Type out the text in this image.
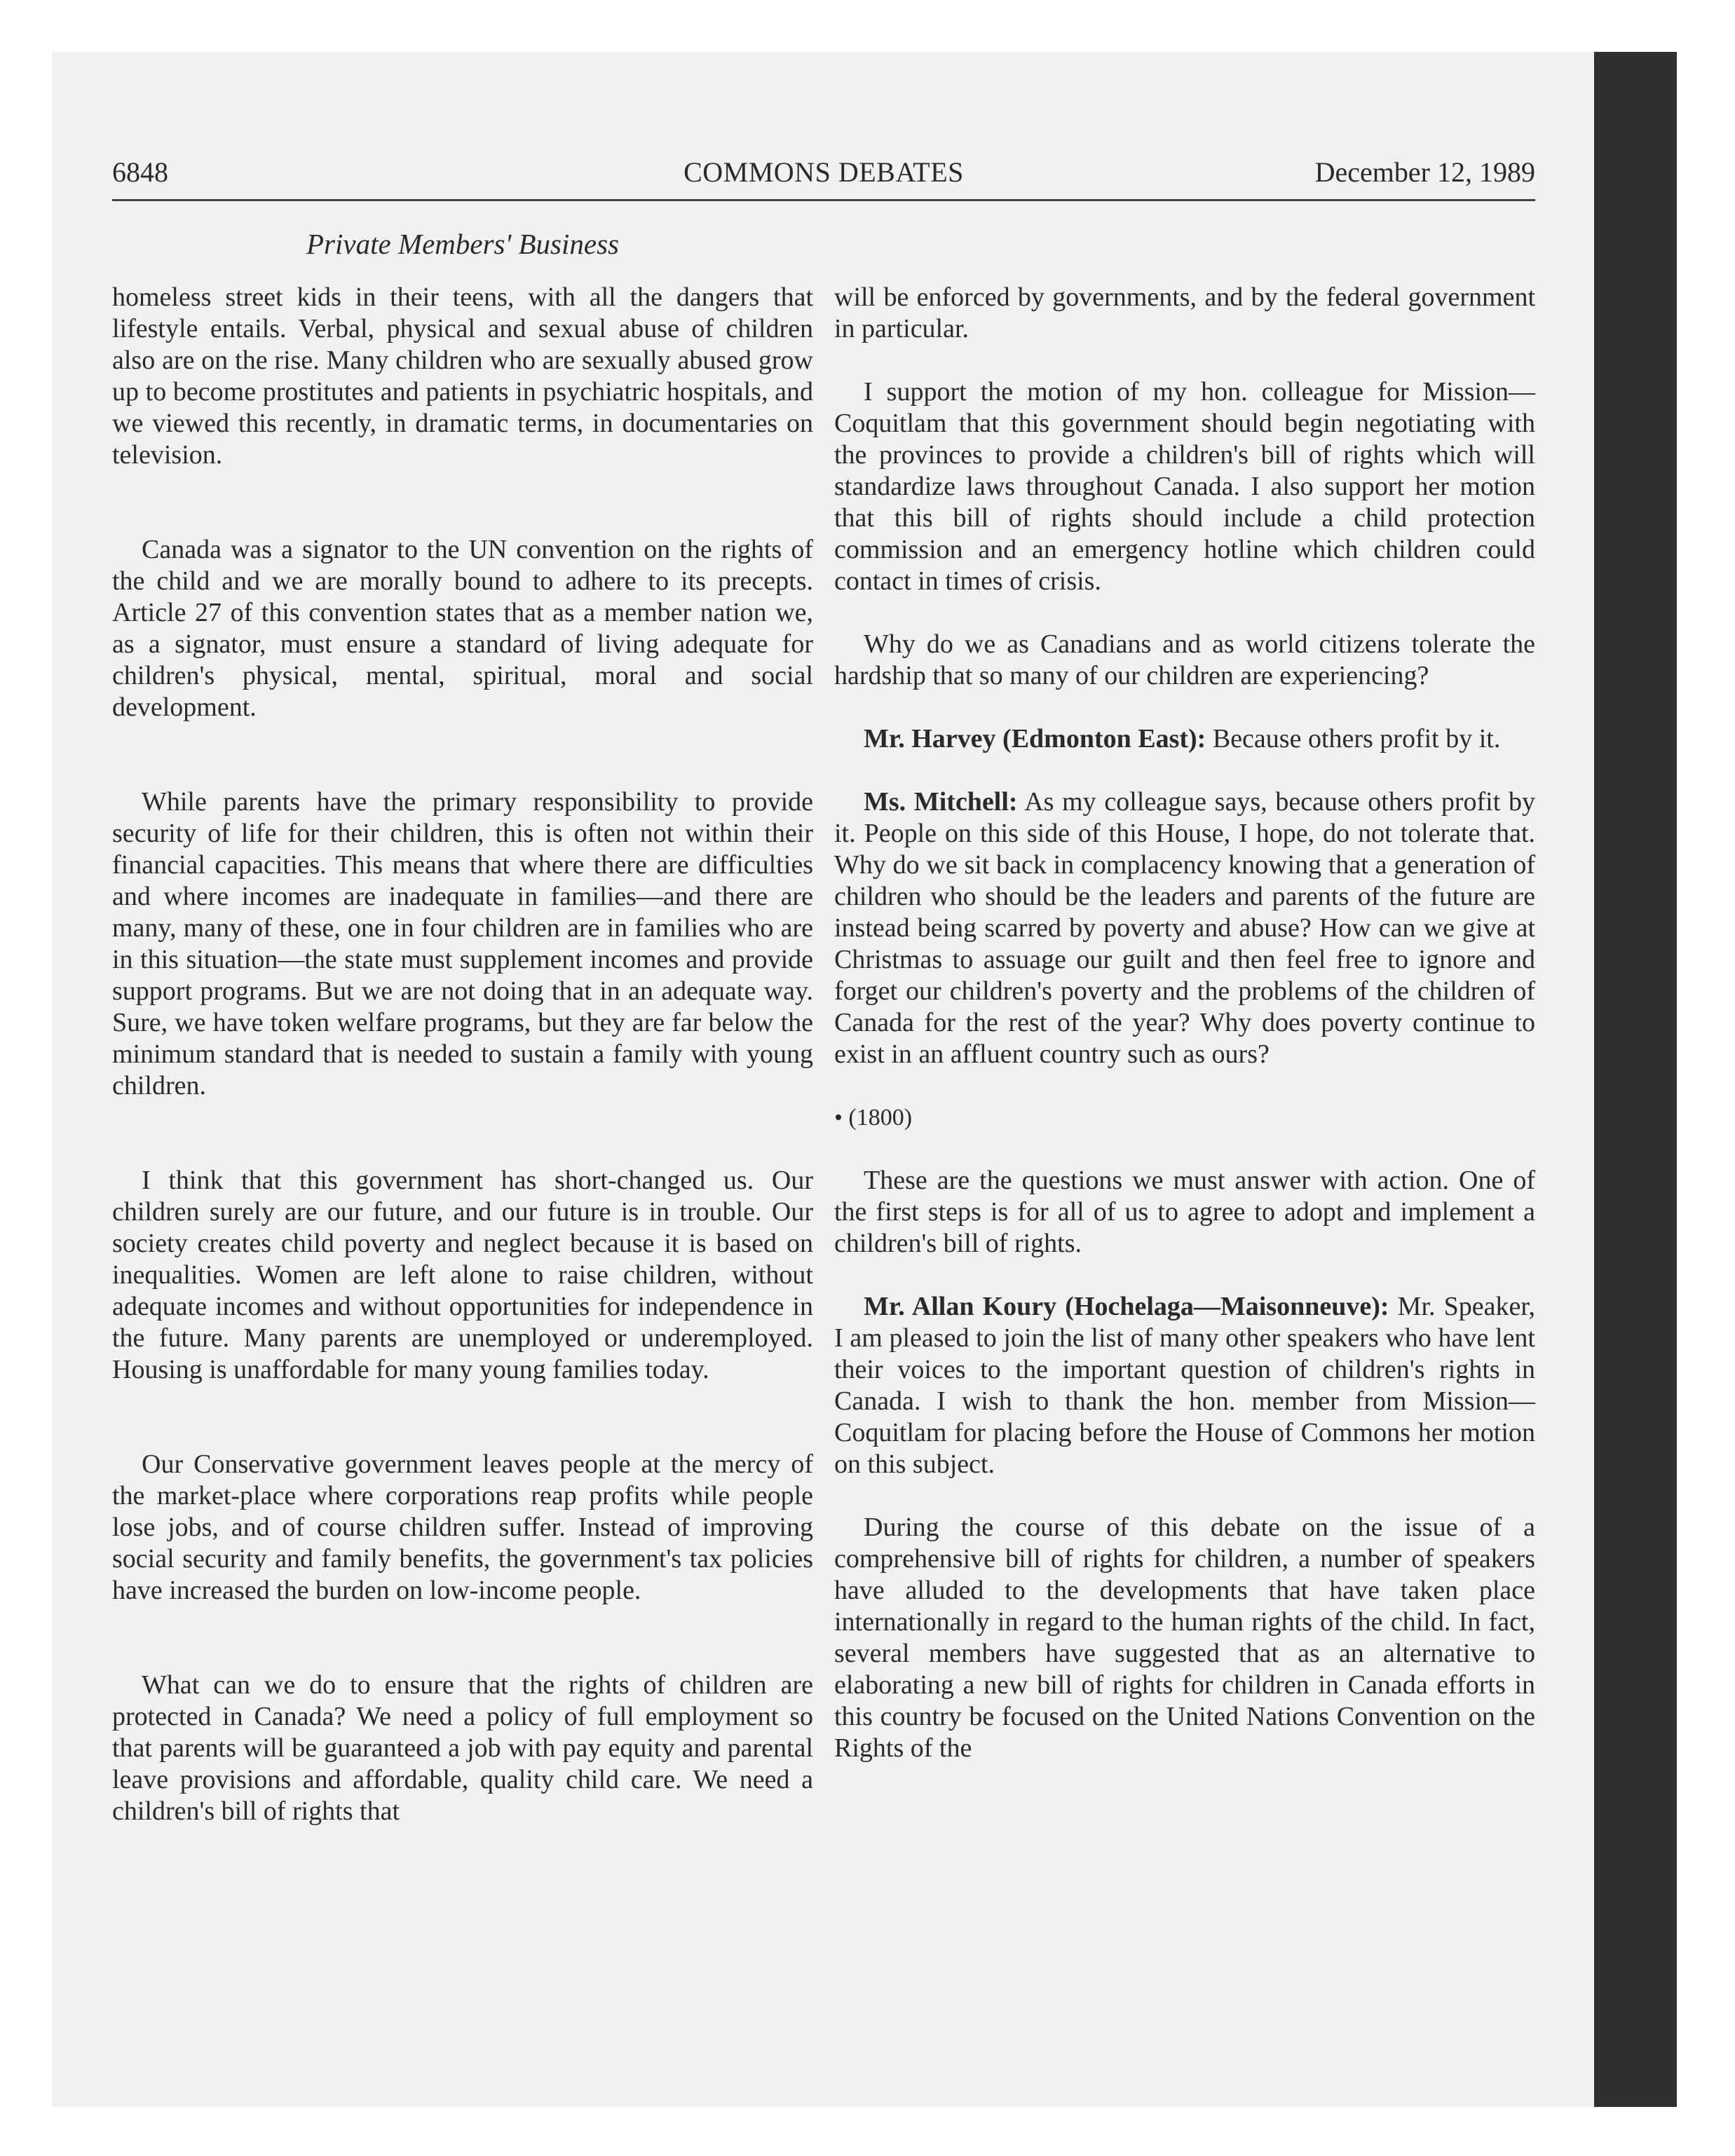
6848	COMMONS DEBATES	December 12, 1989
Private Members' Business

homeless street kids in their teens, with all the dangers that lifestyle entails. Verbal, physical and sexual abuse of children also are on the rise. Many children who are sexually abused grow up to become prostitutes and patients in psychiatric hospitals, and we viewed this recently, in dramatic terms, in documentaries on television.

Canada was a signator to the UN convention on the rights of the child and we are morally bound to adhere to its precepts. Article 27 of this convention states that as a member nation we, as a signator, must ensure a standard of living adequate for children's physical, mental, spiritual, moral and social development.

While parents have the primary responsibility to provide security of life for their children, this is often not within their financial capacities. This means that where there are difficulties and where incomes are inadequate in families—and there are many, many of these, one in four children are in families who are in this situation—the state must supplement incomes and provide support programs. But we are not doing that in an adequate way. Sure, we have token welfare programs, but they are far below the minimum standard that is needed to sustain a family with young children.

I think that this government has short-changed us. Our children surely are our future, and our future is in trouble. Our society creates child poverty and neglect because it is based on inequalities. Women are left alone to raise children, without adequate incomes and without opportunities for independence in the future. Many parents are unemployed or underemployed. Housing is unaffordable for many young families today.

Our Conservative government leaves people at the mercy of the market-place where corporations reap profits while people lose jobs, and of course children suffer. Instead of improving social security and family benefits, the government's tax policies have increased the burden on low-income people.

What can we do to ensure that the rights of children are protected in Canada? We need a policy of full employment so that parents will be guaranteed a job with pay equity and parental leave provisions and affordable, quality child care. We need a children's bill of rights that

will be enforced by governments, and by the federal government in particular.

I support the motion of my hon. colleague for Mission—Coquitlam that this government should begin negotiating with the provinces to provide a children's bill of rights which will standardize laws throughout Canada. I also support her motion that this bill of rights should include a child protection commission and an emergency hotline which children could contact in times of crisis.

Why do we as Canadians and as world citizens tolerate the hardship that so many of our children are experiencing?

Mr. Harvey (Edmonton East): Because others profit by it.

Ms. Mitchell: As my colleague says, because others profit by it. People on this side of this House, I hope, do not tolerate that. Why do we sit back in complacency knowing that a generation of children who should be the leaders and parents of the future are instead being scarred by poverty and abuse? How can we give at Christmas to assuage our guilt and then feel free to ignore and forget our children's poverty and the problems of the children of Canada for the rest of the year? Why does poverty continue to exist in an affluent country such as ours?

• (1800)

These are the questions we must answer with action. One of the first steps is for all of us to agree to adopt and implement a children's bill of rights.

Mr. Allan Koury (Hochelaga—Maisonneuve): Mr. Speaker, I am pleased to join the list of many other speakers who have lent their voices to the important question of children's rights in Canada. I wish to thank the hon. member from Mission—Coquitlam for placing before the House of Commons her motion on this subject.

During the course of this debate on the issue of a comprehensive bill of rights for children, a number of speakers have alluded to the developments that have taken place internationally in regard to the human rights of the child. In fact, several members have suggested that as an alternative to elaborating a new bill of rights for children in Canada efforts in this country be focused on the United Nations Convention on the Rights of the
